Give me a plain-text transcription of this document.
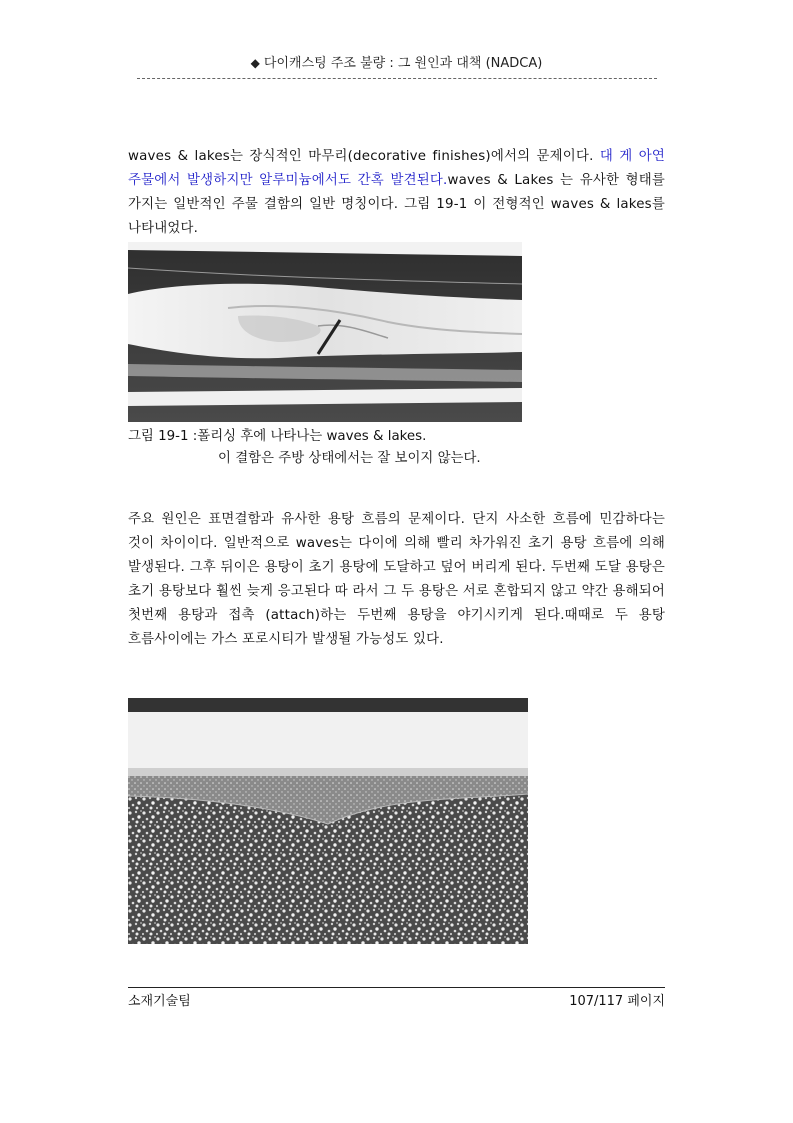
◆ 다이캐스팅 주조 불량 : 그 원인과 대책 (NADCA)
waves & lakes는 장식적인 마무리(decorative finishes)에서의 문제이다. 대 게 아연 주물에서 발생하지만 알루미늄에서도 간혹 발견된다.waves & Lakes 는 유사한 형태를 가지는 일반적인 주물 결함의 일반 명칭이다. 그림 19-1 이 전형적인 waves & lakes를 나타내었다.
그림 19-1 :폴리싱 후에 나타나는 waves & lakes.
이 결함은 주방 상태에서는 잘 보이지 않는다.
주요 원인은 표면결함과 유사한 용탕 흐름의 문제이다. 단지 사소한 흐름에 민감하다는 것이 차이이다. 일반적으로 waves는 다이에 의해 빨리 차가워진 초기 용탕 흐름에 의해 발생된다. 그후 뒤이은 용탕이 초기 용탕에 도달하고 덮어 버리게 된다. 두번째 도달 용탕은 초기 용탕보다 훨씬 늦게 응고된다 따 라서 그 두 용탕은 서로 혼합되지 않고 약간 용해되어 첫번째 용탕과 접촉 (attach)하는 두번째 용탕을 야기시키게 된다.때때로 두 용탕 흐름사이에는 가스 포로시티가 발생될 가능성도 있다.
소재기술팀	107/117 페이지
